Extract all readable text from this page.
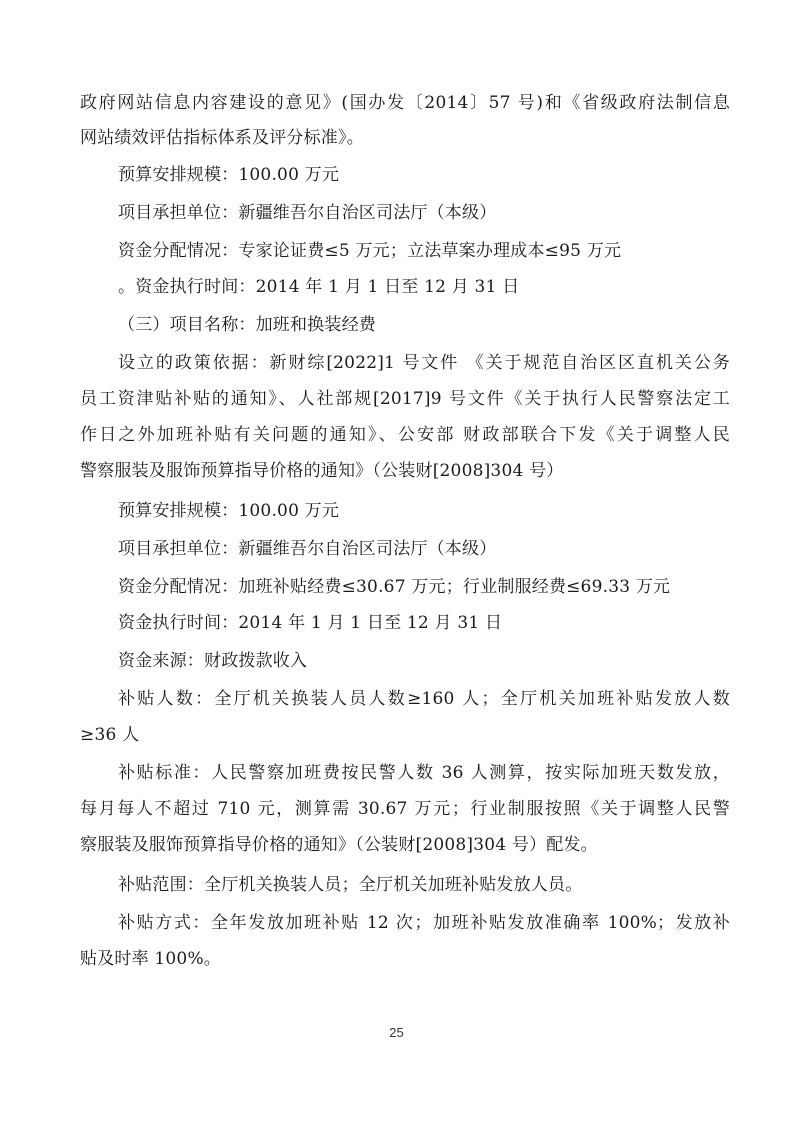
政府网站信息内容建设的意见》(国办发〔2014〕57 号)和《省级政府法制信息
网站绩效评估指标体系及评分标准》。
预算安排规模：100.00 万元
项目承担单位：新疆维吾尔自治区司法厅（本级）
资金分配情况：专家论证费≤5 万元；立法草案办理成本≤95 万元
。资金执行时间：2014 年 1 月 1 日至 12 月 31 日
（三）项目名称：加班和换装经费
设立的政策依据：新财综[2022]1 号文件 《关于规范自治区区直机关公务
员工资津贴补贴的通知》、人社部规[2017]9 号文件《关于执行人民警察法定工
作日之外加班补贴有关问题的通知》、公安部 财政部联合下发《关于调整人民
警察服装及服饰预算指导价格的通知》（公装财[2008]304 号）
预算安排规模：100.00 万元
项目承担单位：新疆维吾尔自治区司法厅（本级）
资金分配情况：加班补贴经费≤30.67 万元；行业制服经费≤69.33 万元
资金执行时间：2014 年 1 月 1 日至 12 月 31 日
资金来源：财政拨款收入
补贴人数：全厅机关换装人员人数≥160 人；全厅机关加班补贴发放人数
≥36 人
补贴标准：人民警察加班费按民警人数 36 人测算，按实际加班天数发放，
每月每人不超过 710 元，测算需 30.67 万元；行业制服按照《关于调整人民警
察服装及服饰预算指导价格的通知》（公装财[2008]304 号）配发。
补贴范围：全厅机关换装人员；全厅机关加班补贴发放人员。
补贴方式：全年发放加班补贴 12 次；加班补贴发放准确率 100%；发放补
贴及时率 100%。
25
